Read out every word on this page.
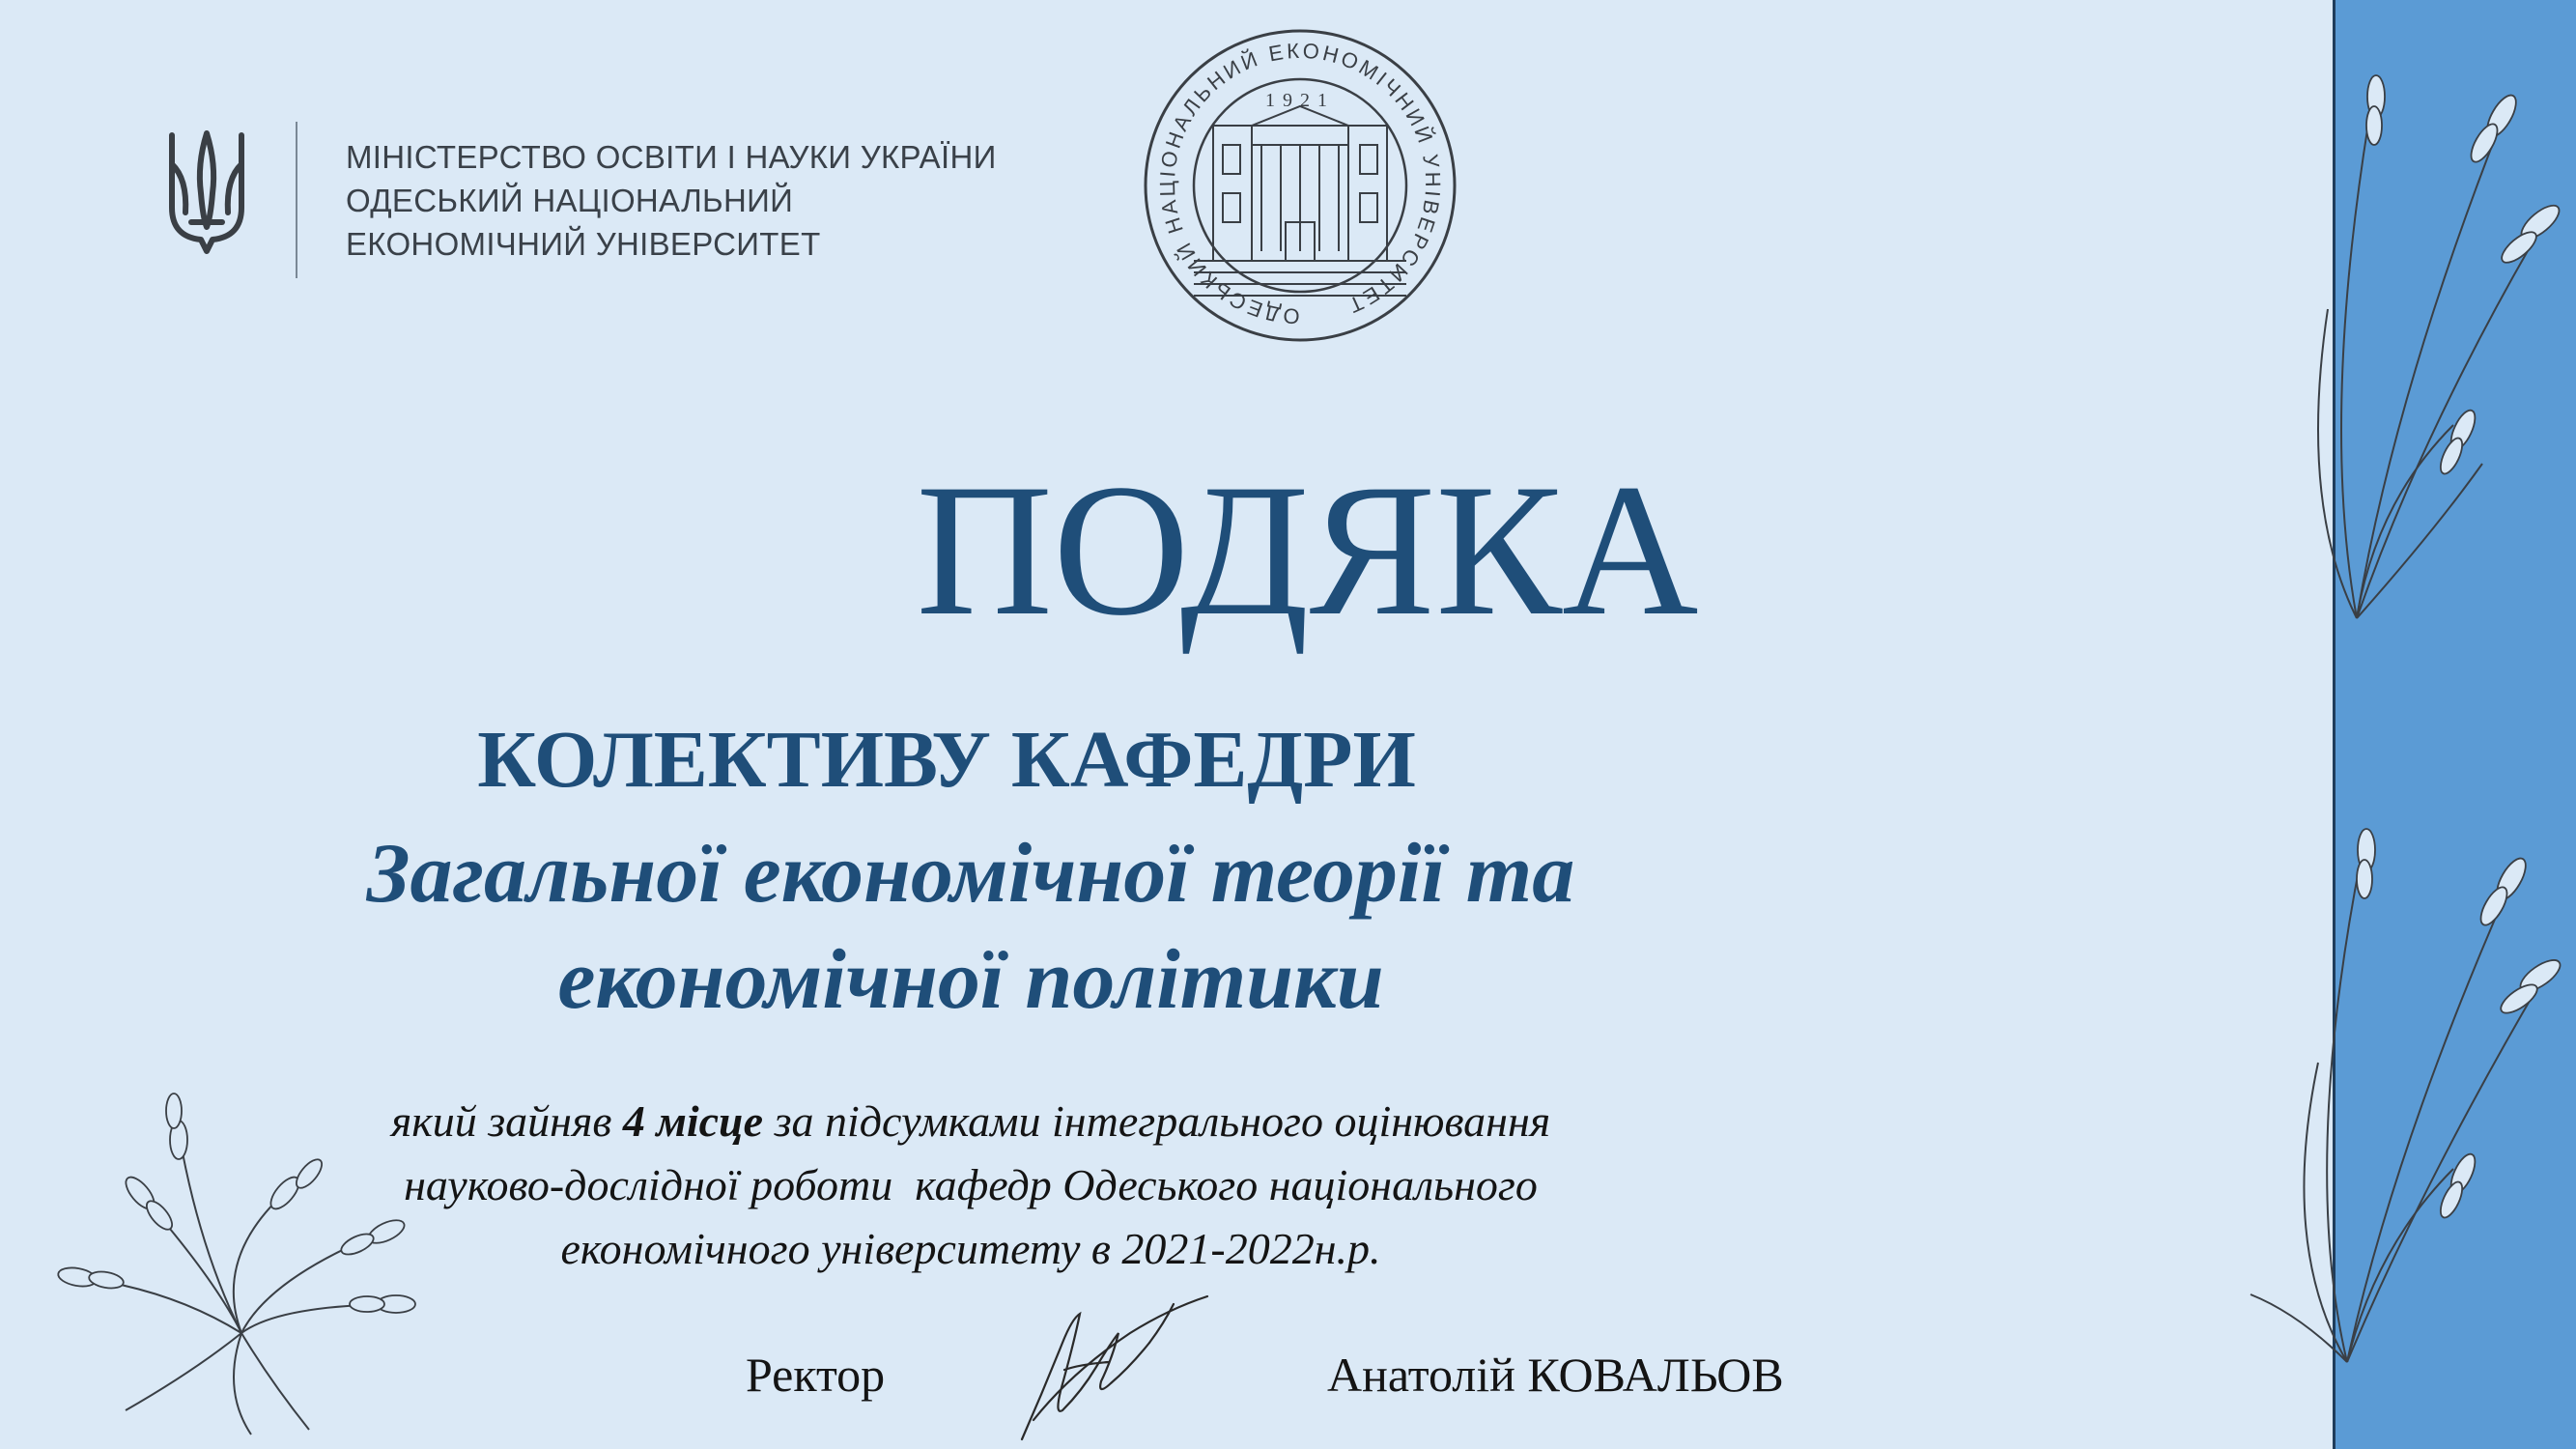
МІНІСТЕРСТВО ОСВІТИ І НАУКИ УКРАЇНИ
ОДЕСЬКИЙ НАЦІОНАЛЬНИЙ
ЕКОНОМІЧНИЙ УНІВЕРСИТЕТ
ОДЕСЬКИЙ НАЦІОНАЛЬНИЙ ЕКОНОМІЧНИЙ УНІВЕРСИТЕТ
1921
ПОДЯКА
КОЛЕКТИВУ КАФЕДРИ
Загальної економічної теорії та
економічної політики
який зайняв 4 місце за підсумками інтегрального оцінювання
науково-дослідної роботи  кафедр Одеського національного
економічного університету в 2021-2022н.р.
Ректор	Анатолій КОВАЛЬОВ
